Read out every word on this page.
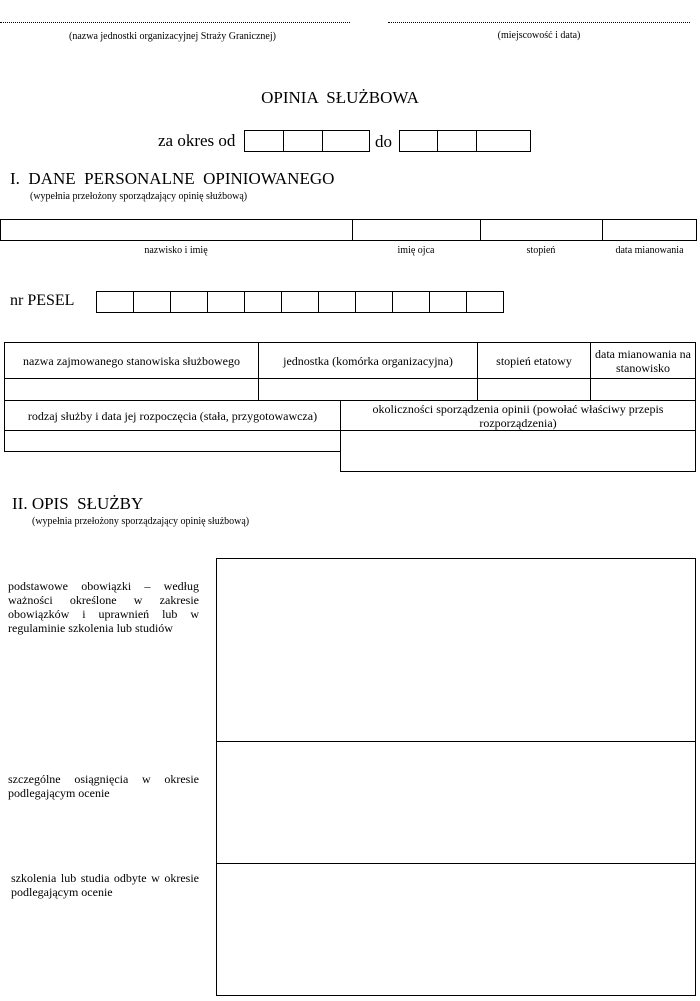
(nazwa jednostki organizacyjnej Straży Granicznej)	(miejscowość i data)
OPINIA  SŁUŻBOWA
za okres od	do
I.  DANE  PERSONALNE  OPINIOWANEGO
(wypełnia przełożony sporządzający opinię służbową)
nazwisko i imię	imię ojca	stopień	data mianowania
nr PESEL
nazwa zajmowanego stanowiska służbowego	jednostka (komórka organizacyjna)	stopień etatowy	data mianowania na stanowisko
rodzaj służby i data jej rozpoczęcia (stała, przygotowawcza)	okoliczności sporządzenia opinii (powołać właściwy przepis rozporządzenia)
II. OPIS  SŁUŻBY
(wypełnia przełożony sporządzający opinię służbową)
podstawowe obowiązki – według ważności określone w zakresie obowiązków i uprawnień lub w regulaminie szkolenia lub studiów
szczególne osiągnięcia w okresie podlegającym ocenie
szkolenia lub studia odbyte w okresie podlegającym ocenie
